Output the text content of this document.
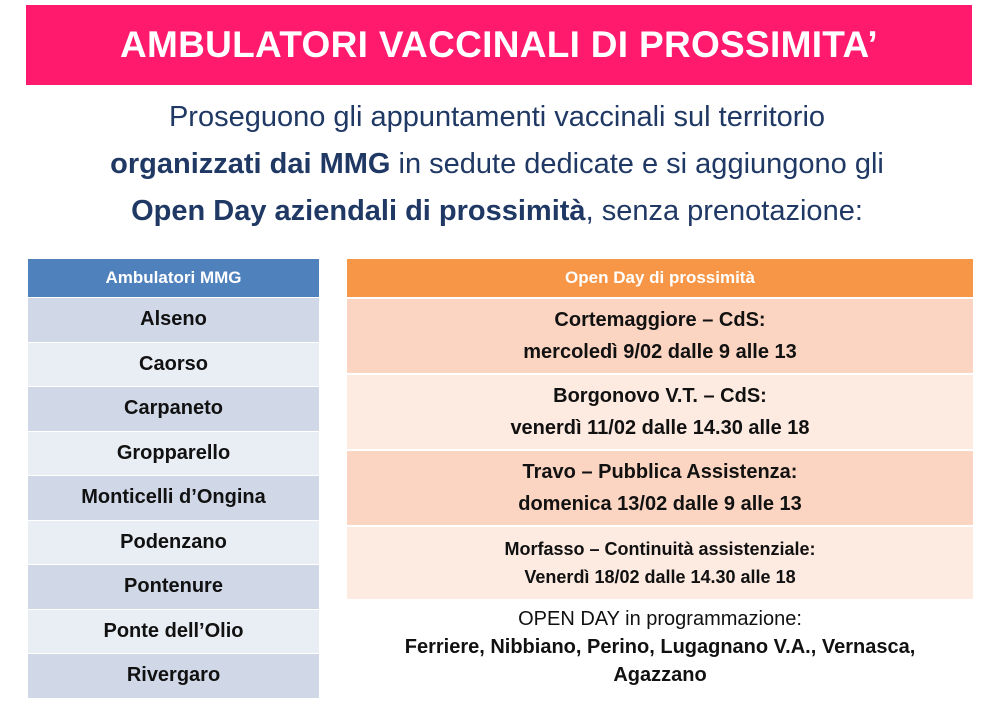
AMBULATORI VACCINALI DI PROSSIMITA’
Proseguono gli appuntamenti vaccinali sul territorio
organizzati dai MMG in sedute dedicate e si aggiungono gli
Open Day aziendali di prossimità, senza prenotazione:
Ambulatori MMG
Alseno
Caorso
Carpaneto
Gropparello
Monticelli d’Ongina
Podenzano
Pontenure
Ponte dell’Olio
Rivergaro
Open Day di prossimità
Cortemaggiore – CdS:
mercoledì 9/02 dalle 9 alle 13
Borgonovo V.T. – CdS:
venerdì 11/02 dalle 14.30 alle 18
Travo – Pubblica Assistenza:
domenica 13/02 dalle 9 alle 13
Morfasso – Continuità assistenziale:
Venerdì 18/02 dalle 14.30 alle 18
OPEN DAY in programmazione:
Ferriere, Nibbiano, Perino, Lugagnano V.A., Vernasca,
Agazzano
